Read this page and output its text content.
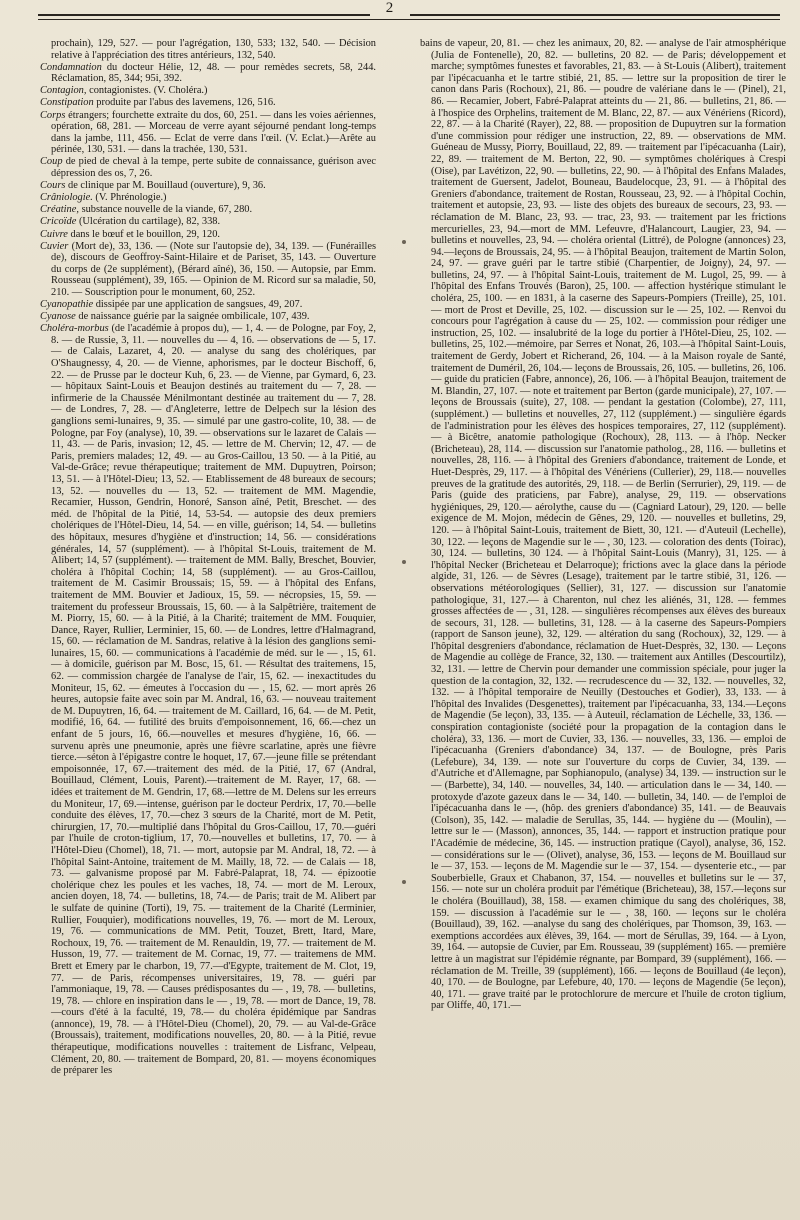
2

prochain), 129, 527. — pour l'agrégation, 130, 533; 132, 540. — Décision relative à l'appréciation des titres antérieurs, 132, 540.

Condamnation du docteur Hélie, 12, 48. — pour remèdes secrets, 58, 244. Réclamation, 85, 344; 95i, 392.

Contagion, contagionistes. (V. Choléra.)

Constipation produite par l'abus des lavemens, 126, 516.

Corps étrangers; fourchette extraite du dos, 60, 251. — dans les voies aériennes, opération, 68, 281. — Morceau de verre ayant séjourné pendant long-temps dans la jambe, 111, 456. — Eclat de verre dans l'œil. (V. Eclat.)—Arête au périnée, 130, 531. — dans la trachée, 130, 531.

Coup de pied de cheval à la tempe, perte subite de connaissance, guérison avec dépression des os, 7, 26.

Cours de clinique par M. Bouillaud (ouverture), 9, 36.

Crâniologie. (V. Phrénologie.)

Créatine, substance nouvelle de la viande, 67, 280.

Cricoïde (Ulcération du cartilage), 82, 338.

Cuivre dans le bœuf et le bouillon, 29, 120.

Cuvier (Mort de), 33, 136. — (Note sur l'autopsie de), 34, 139. — (Funérailles de), discours de Geoffroy-Saint-Hilaire et de Pariset, 35, 143. — Ouverture du corps de (2e supplément), (Bérard aîné), 36, 150. — Autopsie, par Emm. Rousseau (supplément), 39, 165. — Opinion de M. Ricord sur sa maladie, 50, 210. — Souscription pour le monument, 60, 252.

Cyanopathie dissipée par une application de sangsues, 49, 207.

Cyanose de naissance guérie par la saignée ombilicale, 107, 439.

Choléra-morbus (de l'académie à propos du), — 1, 4. — de Pologne, par Foy, 2, 8. — de Russie, 3, 11. — nouvelles du — 4, 16. — observations de — 5, 17. — de Calais, Lazaret, 4, 20. — analyse du sang des cholériques, par O'Shaugnessy, 4, 20. — de Vienne, aphorismes, par le docteur Bischoff, 6, 22. — de Prusse par le docteur Kuh, 6, 23. — de Vienne, par Gymard, 6, 23. — hôpitaux Saint-Louis et Beaujon destinés au traitement du — 7, 28. — infirmerie de la Chaussée Ménilmontant destinée au traitement du — 7, 28. — de Londres, 7, 28. — d'Angleterre, lettre de Delpech sur la lésion des ganglions semi-lunaires, 9, 35. — simulé par une gastro-colite, 10, 38. — de Pologne, par Foy (analyse), 10, 39. — observations sur le lazaret de Calais — 11, 43. — de Paris, invasion; 12, 45. — lettre de M. Chervin; 12, 47. — de Paris, premiers malades; 12, 49. — au Gros-Caillou, 13 50. — à la Pitié, au Val-de-Grâce; revue thérapeutique; traitement de MM. Dupuytren, Poirson; 13, 51. — à l'Hôtel-Dieu; 13, 52. — Etablissement de 48 bureaux de secours; 13, 52. — nouvelles du — 13, 52. — traitement de MM. Magendie, Recamier, Husson, Gendrin, Honoré, Sanson aîné, Petit, Breschet. — des méd. de l'hôpital de la Pitié, 14, 53-54. — autopsie des deux premiers cholériques de l'Hôtel-Dieu, 14, 54. — en ville, guérison; 14, 54. — bulletins des hôpitaux, mesures d'hygiène et d'instruction; 14, 56. — considérations générales, 14, 57 (supplément). — à l'hôpital St-Louis, traitement de M. Alibert; 14, 57 (supplément). — traitement de MM. Bally, Breschet, Bouvier, choléra à l'hôpital Cochin; 14, 58 (supplément). — au Gros-Caillou, traitement de M. Casimir Broussais; 15, 59. — à l'hôpital des Enfans, traitement de MM. Bouvier et Jadioux, 15, 59. — nécropsies, 15, 59. — traitement du professeur Broussais, 15, 60. — à la Salpêtrière, traitement de M. Piorry, 15, 60. — à la Pitié, à la Charité; traitement de MM. Fouquier, Dance, Rayer, Rullier, Lerminier, 15, 60. — de Londres, lettre d'Halmagrand, 15, 60. — réclamation de M. Sandras, relative à la lésion des ganglions semi-lunaires, 15, 60. — communications à l'académie de méd. sur le — , 15, 61. — à domicile, guérison par M. Bosc, 15, 61. — Résultat des traitemens, 15, 62. — commission chargée de l'analyse de l'air, 15, 62. — inexactitudes du Moniteur, 15, 62. — émeutes à l'occasion du — , 15, 62. — mort après 26 heures, autopsie faite avec soin par M. Andral, 16, 63. — nouveau traitement de M. Dupuytren, 16, 64. — traitement de M. Caillard, 16, 64. — de M. Petit, modifié, 16, 64. — futilité des bruits d'empoisonnement, 16, 66.—chez un enfant de 5 jours, 16, 66.—nouvelles et mesures d'hygiène, 16, 66. — survenu après une pneumonie, après une fièvre scarlatine, après une fièvre tierce.—séton à l'épigastre contre le hoquet, 17, 67.—jeune fille se prétendant empoisonnée, 17, 67.—traitement des méd. de la Pitié, 17, 67 (Andral, Bouillaud, Clément, Louis, Parent).—traitement de M. Rayer, 17, 68. — idées et traitement de M. Gendrin, 17, 68.—lettre de M. Delens sur les erreurs du Moniteur, 17, 69.—intense, guérison par le docteur Perdrix, 17, 70.—belle conduite des élèves, 17, 70.—chez 3 sœurs de la Charité, mort de M. Petit, chirurgien, 17, 70.—multiplié dans l'hôpital du Gros-Caillou, 17, 70.—guéri par l'huile de croton-tiglium, 17, 70.—nouvelles et bulletins, 17, 70. — à l'Hôtel-Dieu (Chomel), 18, 71. — mort, autopsie par M. Andral, 18, 72. — à l'hôpital Saint-Antoine, traitement de M. Mailly, 18, 72. — de Calais — 18, 73. — galvanisme proposé par M. Fabré-Palaprat, 18, 74. — épizootie cholérique chez les poules et les vaches, 18, 74. — mort de M. Leroux, ancien doyen, 18, 74. — bulletins, 18, 74.— de Paris; trait de M. Alibert par le sulfate de quinine (Torti), 19, 75. — traitement de la Charité (Lerminier, Rullier, Fouquier), modifications nouvelles, 19, 76. — mort de M. Leroux, 19, 76. — communications de MM. Petit, Touzet, Brett, Itard, Mare, Rochoux, 19, 76. — traitement de M. Renauldin, 19, 77. — traitement de M. Husson, 19, 77. — traitement de M. Cornac, 19, 77. — traitemens de MM. Brett et Emery par le charbon, 19, 77.—d'Egypte, traitement de M. Clot, 19, 77. — de Paris, récompenses universitaires, 19, 78. — guéri par l'ammoniaque, 19, 78. — Causes prédisposantes du — , 19, 78. — bulletins, 19, 78. — chlore en inspiration dans le — , 19, 78. — mort de Dance, 19, 78.—cours d'été à la faculté, 19, 78.— du choléra épidémique par Sandras (annonce), 19, 78. — à l'Hôtel-Dieu (Chomel), 20, 79. — au Val-de-Grâce (Broussais), traitement, modifications nouvelles, 20, 80. — à la Pitié, revue thérapeutique, modifications nouvelles : traitement de Lisfranc, Velpeau, Clément, 20, 80. — traitement de Bompard, 20, 81. — moyens économiques de préparer les

bains de vapeur, 20, 81. — chez les animaux, 20, 82. — analyse de l'air atmosphérique (Julia de Fontenelle), 20, 82. — bulletins, 20 82. — de Paris; développement et marche; symptômes funestes et favorables, 21, 83. — à St-Louis (Alibert), traitement par l'ipécacuanha et le tartre stibié, 21, 85. — lettre sur la proposition de tirer le canon dans Paris (Rochoux), 21, 86. — poudre de valériane dans le — (Pinel), 21, 86. — Recamier, Jobert, Fabré-Palaprat atteints du — 21, 86. — bulletins, 21, 86. — à l'hospice des Orphelins, traitement de M. Blanc, 22, 87. — aux Vénériens (Ricord), 22, 87. — à la Charité (Rayer), 22, 88. — proposition de Dupuytren sur la formation d'une commission pour rédiger une instruction, 22, 89. — observations de MM. Guéneau de Mussy, Piorry, Bouillaud, 22, 89. — traitement par l'ipécacuanha (Lair), 22, 89. — traitement de M. Berton, 22, 90. — symptômes cholériques à Crespi (Oise), par Lavétizon, 22, 90. — bulletins, 22, 90. — à l'hôpital des Enfans Malades, traitement de Guersent, Jadelot, Bouneau, Baudelocque, 23, 91. — à l'hôpital des Greniers d'abondance, traitement de Rostan, Rousseau, 23, 92. — à l'hôpital Cochin, traitement et autopsie, 23, 93. — liste des objets des bureaux de secours, 23, 93. — réclamation de M. Blanc, 23, 93. — trac, 23, 93. — traitement par les frictions mercurielles, 23, 94.—mort de MM. Lefeuvre, d'Halancourt, Laugier, 23, 94. — bulletins et nouvelles, 23, 94. — choléra oriental (Littré), de Pologne (annonces) 23, 94.—leçons de Broussais, 24, 95. — à l'hôpital Beaujon, traitement de Martin Solon, 24, 97. — grave guéri par le tartre stibié (Charpentier, de Joigny), 24, 97. — bulletins, 24, 97. — à l'hôpital Saint-Louis, traitement de M. Lugol, 25, 99. — à l'hôpital des Enfans Trouvés (Baron), 25, 100. — affection hystérique stimulant le choléra, 25, 100. — en 1831, à la caserne des Sapeurs-Pompiers (Treille), 25, 101. — mort de Prost et Deville, 25, 102. — discussion sur le — 25, 102. — Renvoi du concours pour l'agrégation à cause du — 25, 102. — commission pour rédiger une instruction, 25, 102. — insalubrité de la loge du portier à l'Hôtel-Dieu, 25, 102. — bulletins, 25, 102.—mémoire, par Serres et Nonat, 26, 103.—à l'hôpital Saint-Louis, traitement de Gerdy, Jobert et Richerand, 26, 104. — à la Maison royale de Santé, traitement de Duméril, 26, 104.— leçons de Broussais, 26, 105. — bulletins, 26, 106. — guide du praticien (Fabre, annonce), 26, 106. — à l'hôpital Beaujon, traitement de M. Blandin, 27, 107. — note et traitement par Berton (garde municipale), 27, 107. — leçons de Broussais (suite), 27, 108. — pendant la gestation (Colombe), 27, 111, (supplément.) — bulletins et nouvelles, 27, 112 (supplément.) — singulière égards de l'administration pour les élèves des hospices temporaires, 27, 112 (supplément). — à Bicêtre, anatomie pathologique (Rochoux), 28, 113. — à l'hôp. Necker (Bricheteau), 28, 114. — discussion sur l'anatomie patholog., 28, 116. — bulletins et nouvelles, 28, 116. — à l'hôpital des Greniers d'abondance, traitement de Londe, et Huet-Desprès, 29, 117. — à l'hôpital des Vénériens (Cullerier), 29, 118.— nouvelles preuves de la gratitude des autorités, 29, 118. — de Berlin (Serrurier), 29, 119. — de Paris (guide des praticiens, par Fabre), analyse, 29, 119. — observations hygiéniques, 29, 120.— aérolythe, cause du — (Cagniard Latour), 29, 120. — belle exigence de M. Mojon, médecin de Gênes, 29, 120. — nouvelles et bulletins, 29, 120. — à l'hôpital Saint-Louis, traitement de Biett, 30, 121. — d'Auteuil (Lechelle), 30, 122. — leçons de Magendie sur le — , 30, 123. — coloration des dents (Toirac), 30, 124. — bulletins, 30 124. — à l'hôpital Saint-Louis (Manry), 31, 125. — à l'hôpital Necker (Bricheteau et Delarroque); frictions avec la glace dans la période algide, 31, 126. — de Sèvres (Lesage), traitement par le tartre stibié, 31, 126. — observations météorologiques (Sellier), 31, 127. — discussion sur l'anatomie pathologique, 31, 127.— à Charenton, nul chez les aliénés, 31, 128. — femmes grosses affectées de — , 31, 128. — singulières récompenses aux élèves des bureaux de secours, 31, 128. — bulletins, 31, 128. — à la caserne des Sapeurs-Pompiers (rapport de Sanson jeune), 32, 129. — altération du sang (Rochoux), 32, 129. — à l'hôpital desgreniers d'abondance, réclamation de Huet-Desprès, 32, 130. — Leçons de Magendie au collège de France, 32, 130. — traitement aux Antilles (Descourtilz), 32, 131. — lettre de Chervin pour demander une commission spéciale, pour juger la question de la contagion, 32, 132. — recrudescence du — 32, 132. — nouvelles, 32, 132. — à l'hôpital temporaire de Neuilly (Destouches et Godier), 33, 133. — à l'hôpital des Invalides (Desgenettes), traitement par l'ipécacuanha, 33, 134.—Leçons de Magendie (5e leçon), 33, 135. — à Auteuil, réclamation de Léchelle, 33, 136. — conspiration contagioniste (société pour la propagation de la contagion dans le choléra), 33, 136. — mort de Cuvier, 33, 136. — nouvelles, 33, 136. — emploi de l'ipécacuanha (Greniers d'abondance) 34, 137. — de Boulogne, près Paris (Lefebure), 34, 139. — note sur l'ouverture du corps de Cuvier, 34, 139. — d'Autriche et d'Allemagne, par Sophianopulo, (analyse) 34, 139. — instruction sur le — (Barbette), 34, 140. — nouvelles, 34, 140. — articulation dans le — 34, 140. — protoxyde d'azote gazeux dans le — 34, 140. — bulletin, 34, 140. — de l'emploi de l'ipécacuanha dans le —, (hôp. des greniers d'abondance) 35, 141. — de Beauvais (Colson), 35, 142. — maladie de Serullas, 35, 144. — hygiène du — (Moulin), — lettre sur le — (Masson), annonces, 35, 144. — rapport et instruction pratique pour l'Académie de médecine, 36, 145. — instruction pratique (Cayol), analyse, 36, 152. — considérations sur le — (Olivet), analyse, 36, 153. — leçons de M. Bouillaud sur le — 37, 153. — leçons de M. Magendie sur le — 37, 154. — dysenterie etc., — par Souberbielle, Graux et Chabanon, 37, 154. — nouvelles et bulletins sur le — 37, 156. — note sur un choléra produit par l'émétique (Bricheteau), 38, 157.—leçons sur le choléra (Bouillaud), 38, 158. — examen chimique du sang des cholériques, 38, 159. — discussion à l'académie sur le — , 38, 160. — leçons sur le choléra (Bouillaud), 39, 162. —analyse du sang des cholériques, par Thomson, 39, 163. — exemptions accordées aux élèves, 39, 164. — mort de Sérullas, 39, 164. — à Lyon, 39, 164. — autopsie de Cuvier, par Em. Rousseau, 39 (supplément) 165. — première lettre à un magistrat sur l'épidémie régnante, par Bompard, 39 (supplément), 166. — réclamation de M. Treille, 39 (supplément), 166. — leçons de Bouillaud (4e leçon), 40, 170. — de Boulogne, par Lefebure, 40, 170. — leçons de Magendie (5e leçon), 40, 171. — grave traité par le protochlorure de mercure et l'huile de croton tiglium, par Oliffe, 40, 171.—
